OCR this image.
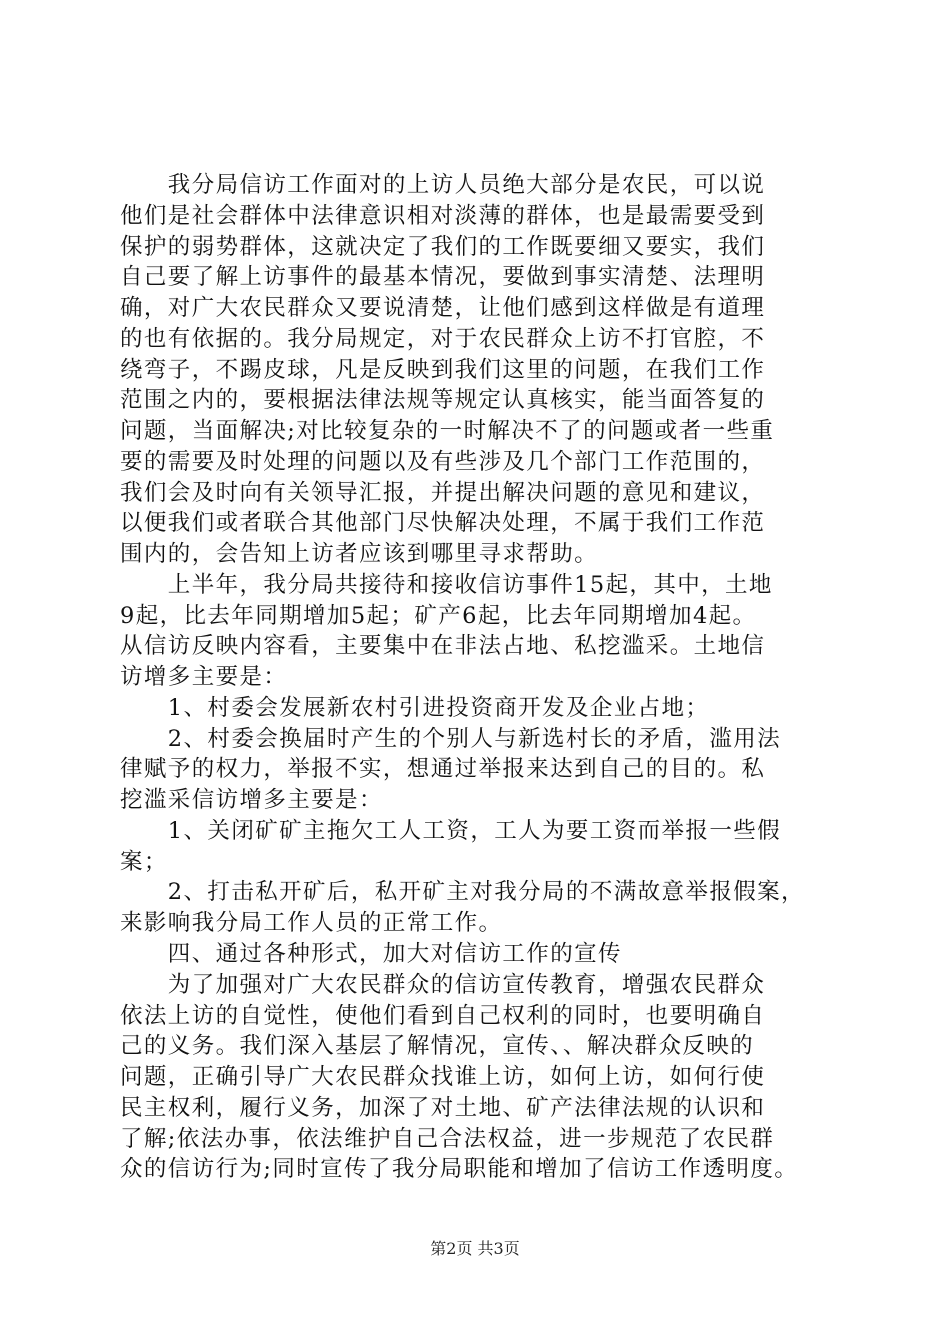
　　我分局信访工作面对的上访人员绝大部分是农民，可以说
他们是社会群体中法律意识相对淡薄的群体，也是最需要受到
保护的弱势群体，这就决定了我们的工作既要细又要实，我们
自己要了解上访事件的最基本情况，要做到事实清楚、法理明
确，对广大农民群众又要说清楚，让他们感到这样做是有道理
的也有依据的。我分局规定，对于农民群众上访不打官腔，不
绕弯子，不踢皮球，凡是反映到我们这里的问题，在我们工作
范围之内的，要根据法律法规等规定认真核实，能当面答复的
问题，当面解决;对比较复杂的一时解决不了的问题或者一些重
要的需要及时处理的问题以及有些涉及几个部门工作范围的，
我们会及时向有关领导汇报，并提出解决问题的意见和建议，
以便我们或者联合其他部门尽快解决处理，不属于我们工作范
围内的，会告知上访者应该到哪里寻求帮助。
　　上半年，我分局共接待和接收信访事件15起，其中，土地
9起，比去年同期增加5起；矿产6起，比去年同期增加4起。
从信访反映内容看，主要集中在非法占地、私挖滥采。土地信
访增多主要是：
　　1、村委会发展新农村引进投资商开发及企业占地；
　　2、村委会换届时产生的个别人与新选村长的矛盾，滥用法
律赋予的权力，举报不实，想通过举报来达到自己的目的。私
挖滥采信访增多主要是：
　　1、关闭矿矿主拖欠工人工资，工人为要工资而举报一些假
案；
　　2、打击私开矿后，私开矿主对我分局的不满故意举报假案，
来影响我分局工作人员的正常工作。
　　四、通过各种形式，加大对信访工作的宣传
　　为了加强对广大农民群众的信访宣传教育，增强农民群众
依法上访的自觉性，使他们看到自己权利的同时，也要明确自
己的义务。我们深入基层了解情况，宣传、、解决群众反映的
问题，正确引导广大农民群众找谁上访，如何上访，如何行使
民主权利，履行义务，加深了对土地、矿产法律法规的认识和
了解;依法办事，依法维护自己合法权益，进一步规范了农民群
众的信访行为;同时宣传了我分局职能和增加了信访工作透明度。
第2页 共3页
